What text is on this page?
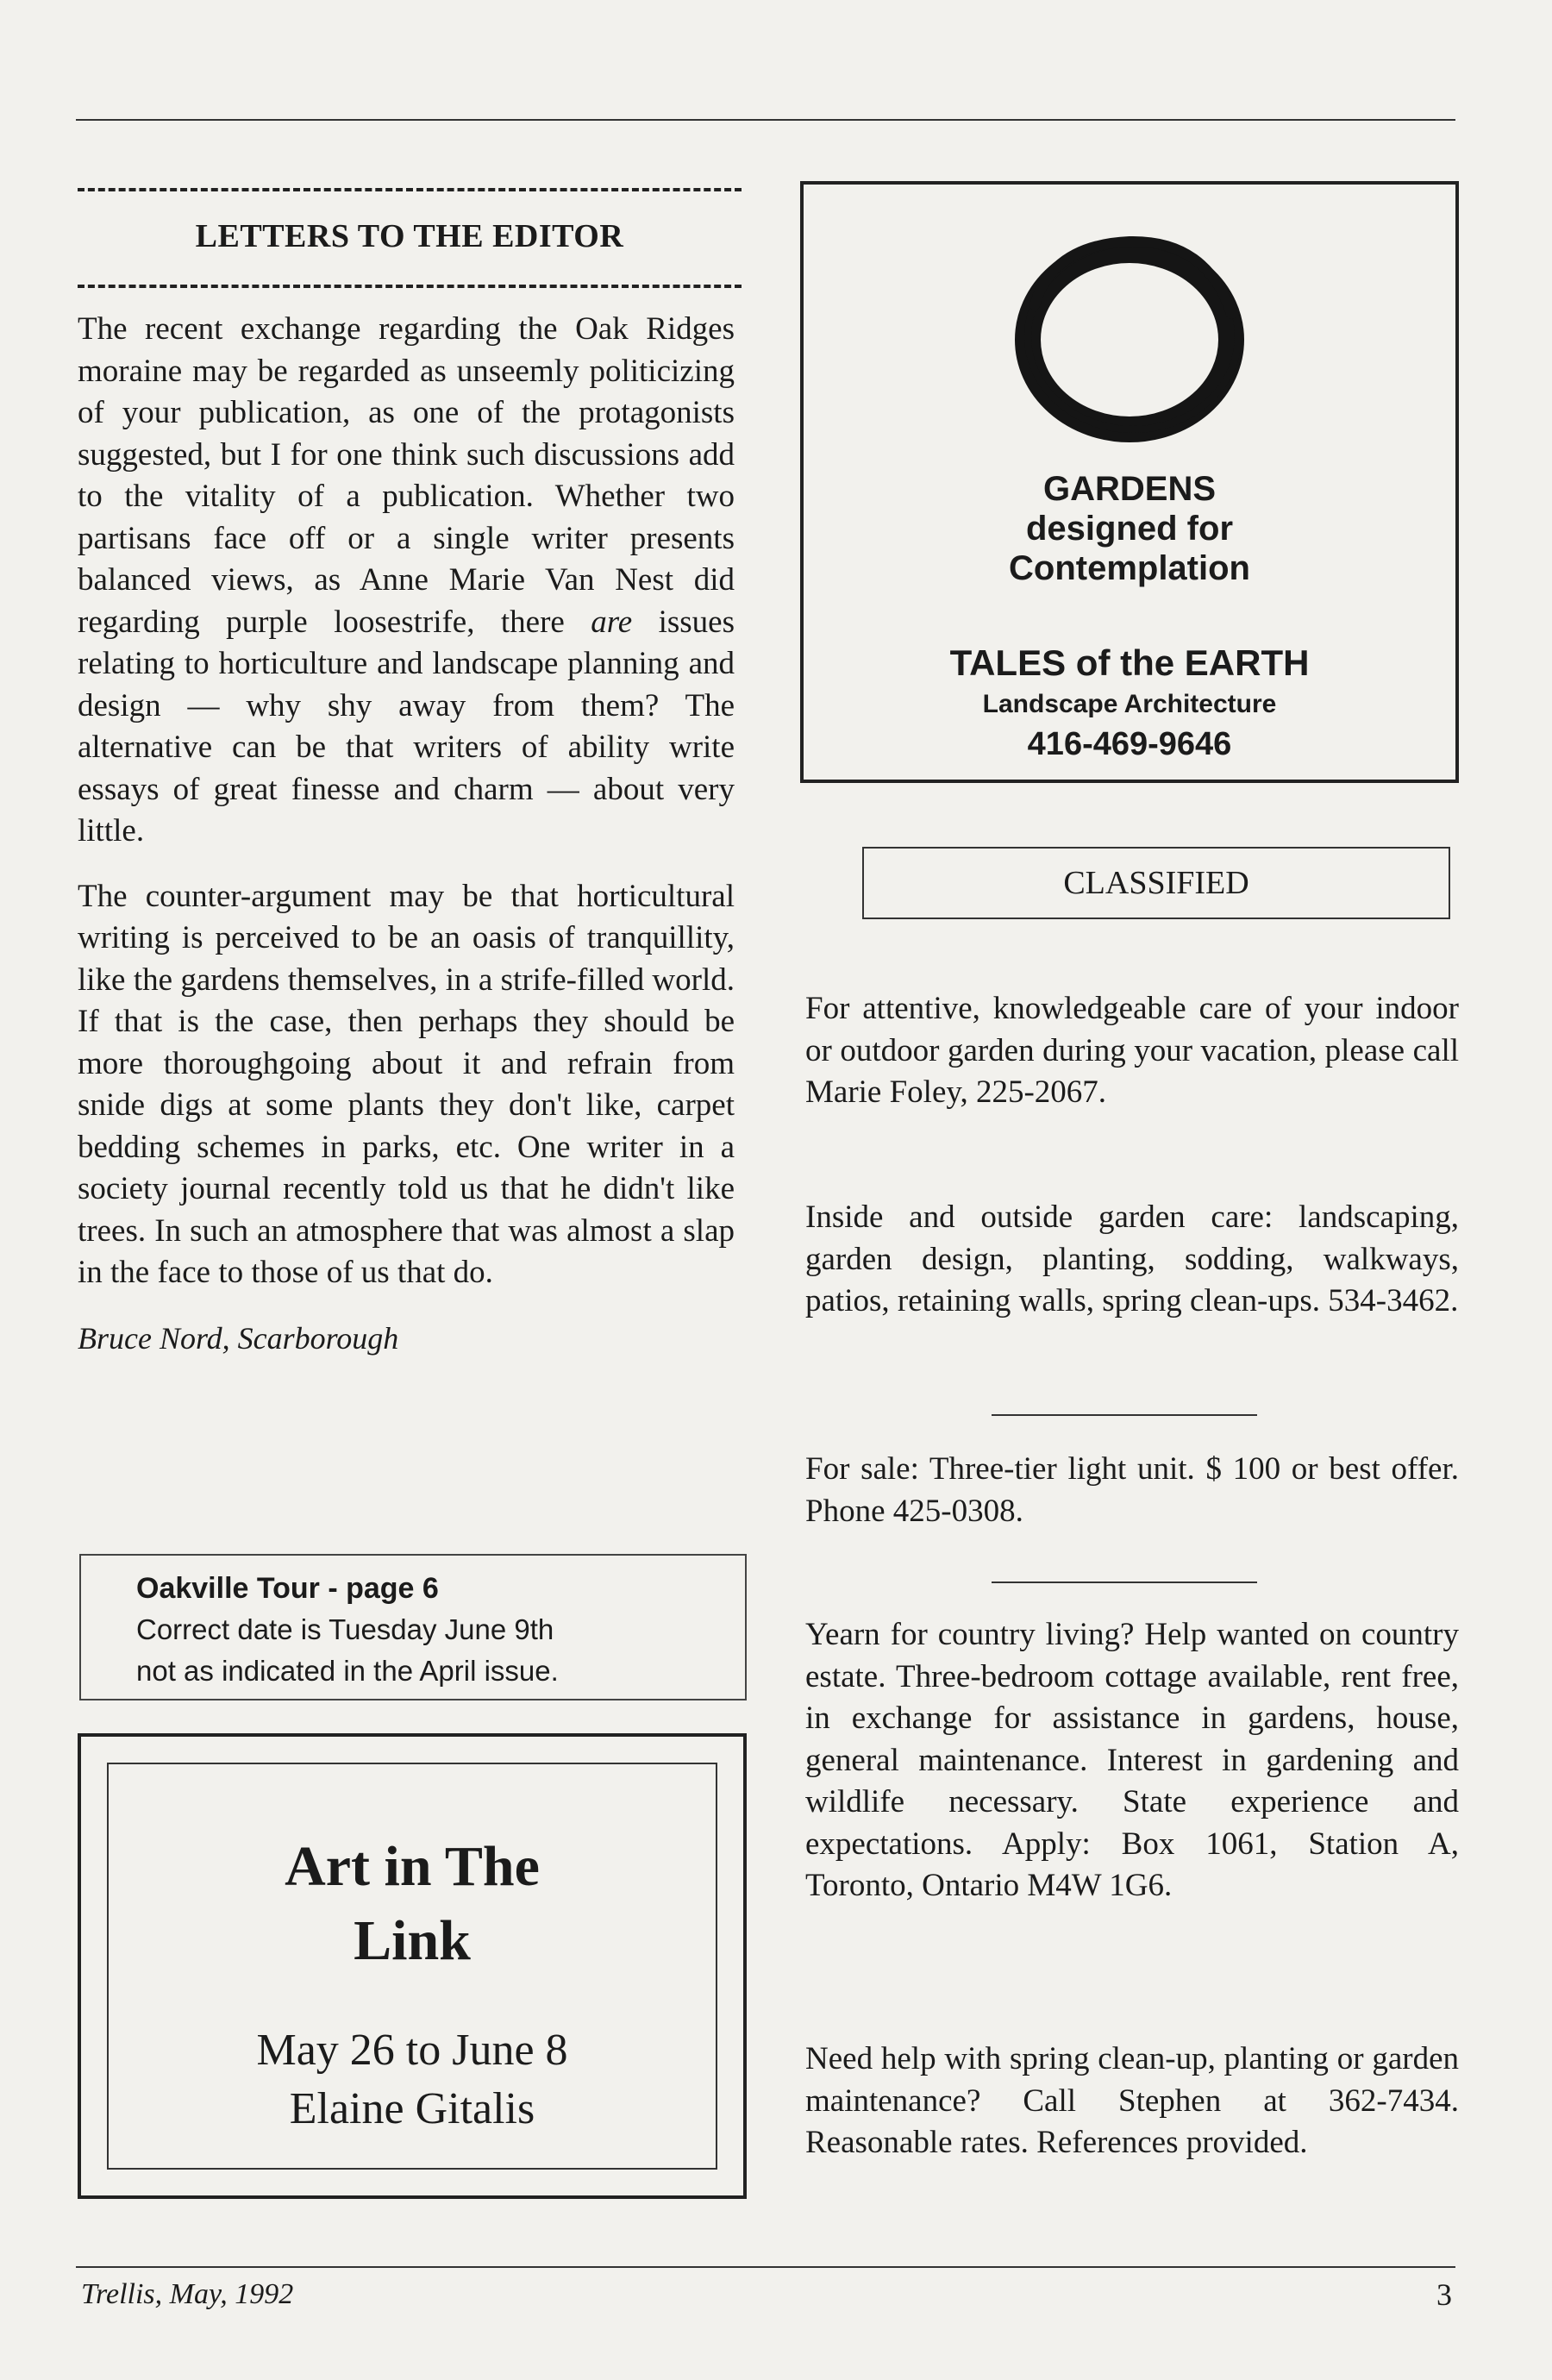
LETTERS TO THE EDITOR

The recent exchange regarding the Oak Ridges moraine may be regarded as unseemly politicizing of your publication, as one of the protagonists suggested, but I for one think such discussions add to the vitality of a publication. Whether two partisans face off or a single writer presents balanced views, as Anne Marie Van Nest did regarding purple loosestrife, there are issues relating to horticulture and landscape planning and design — why shy away from them? The alternative can be that writers of ability write essays of great finesse and charm — about very little.

The counter-argument may be that horticultural writing is perceived to be an oasis of tranquillity, like the gardens themselves, in a strife-filled world. If that is the case, then perhaps they should be more thoroughgoing about it and refrain from snide digs at some plants they don't like, carpet bedding schemes in parks, etc. One writer in a society journal recently told us that he didn't like trees. In such an atmosphere that was almost a slap in the face to those of us that do.

Bruce Nord, Scarborough

Oakville Tour - page 6
Correct date is Tuesday June 9th
not as indicated in the April issue.
Art in The
Link
May 26 to June 8
Elaine Gitalis
GARDENS
designed for
Contemplation
TALES of the EARTH
Landscape Architecture
416-469-9646
CLASSIFIED

For attentive, knowledgeable care of your indoor or outdoor garden during your vacation, please call Marie Foley, 225-2067.

Inside and outside garden care: landscaping, garden design, planting, sodding, walkways, patios, retaining walls, spring clean-ups. 534-3462.

For sale: Three-tier light unit. $ 100 or best offer. Phone 425-0308.

Yearn for country living? Help wanted on country estate. Three-bedroom cottage available, rent free, in exchange for assistance in gardens, house, general maintenance. Interest in gardening and wildlife necessary. State experience and expectations. Apply: Box 1061, Station A, Toronto, Ontario M4W 1G6.

Need help with spring clean-up, planting or garden maintenance? Call Stephen at 362-7434. Reasonable rates. References provided.

Trellis, May, 1992	3
